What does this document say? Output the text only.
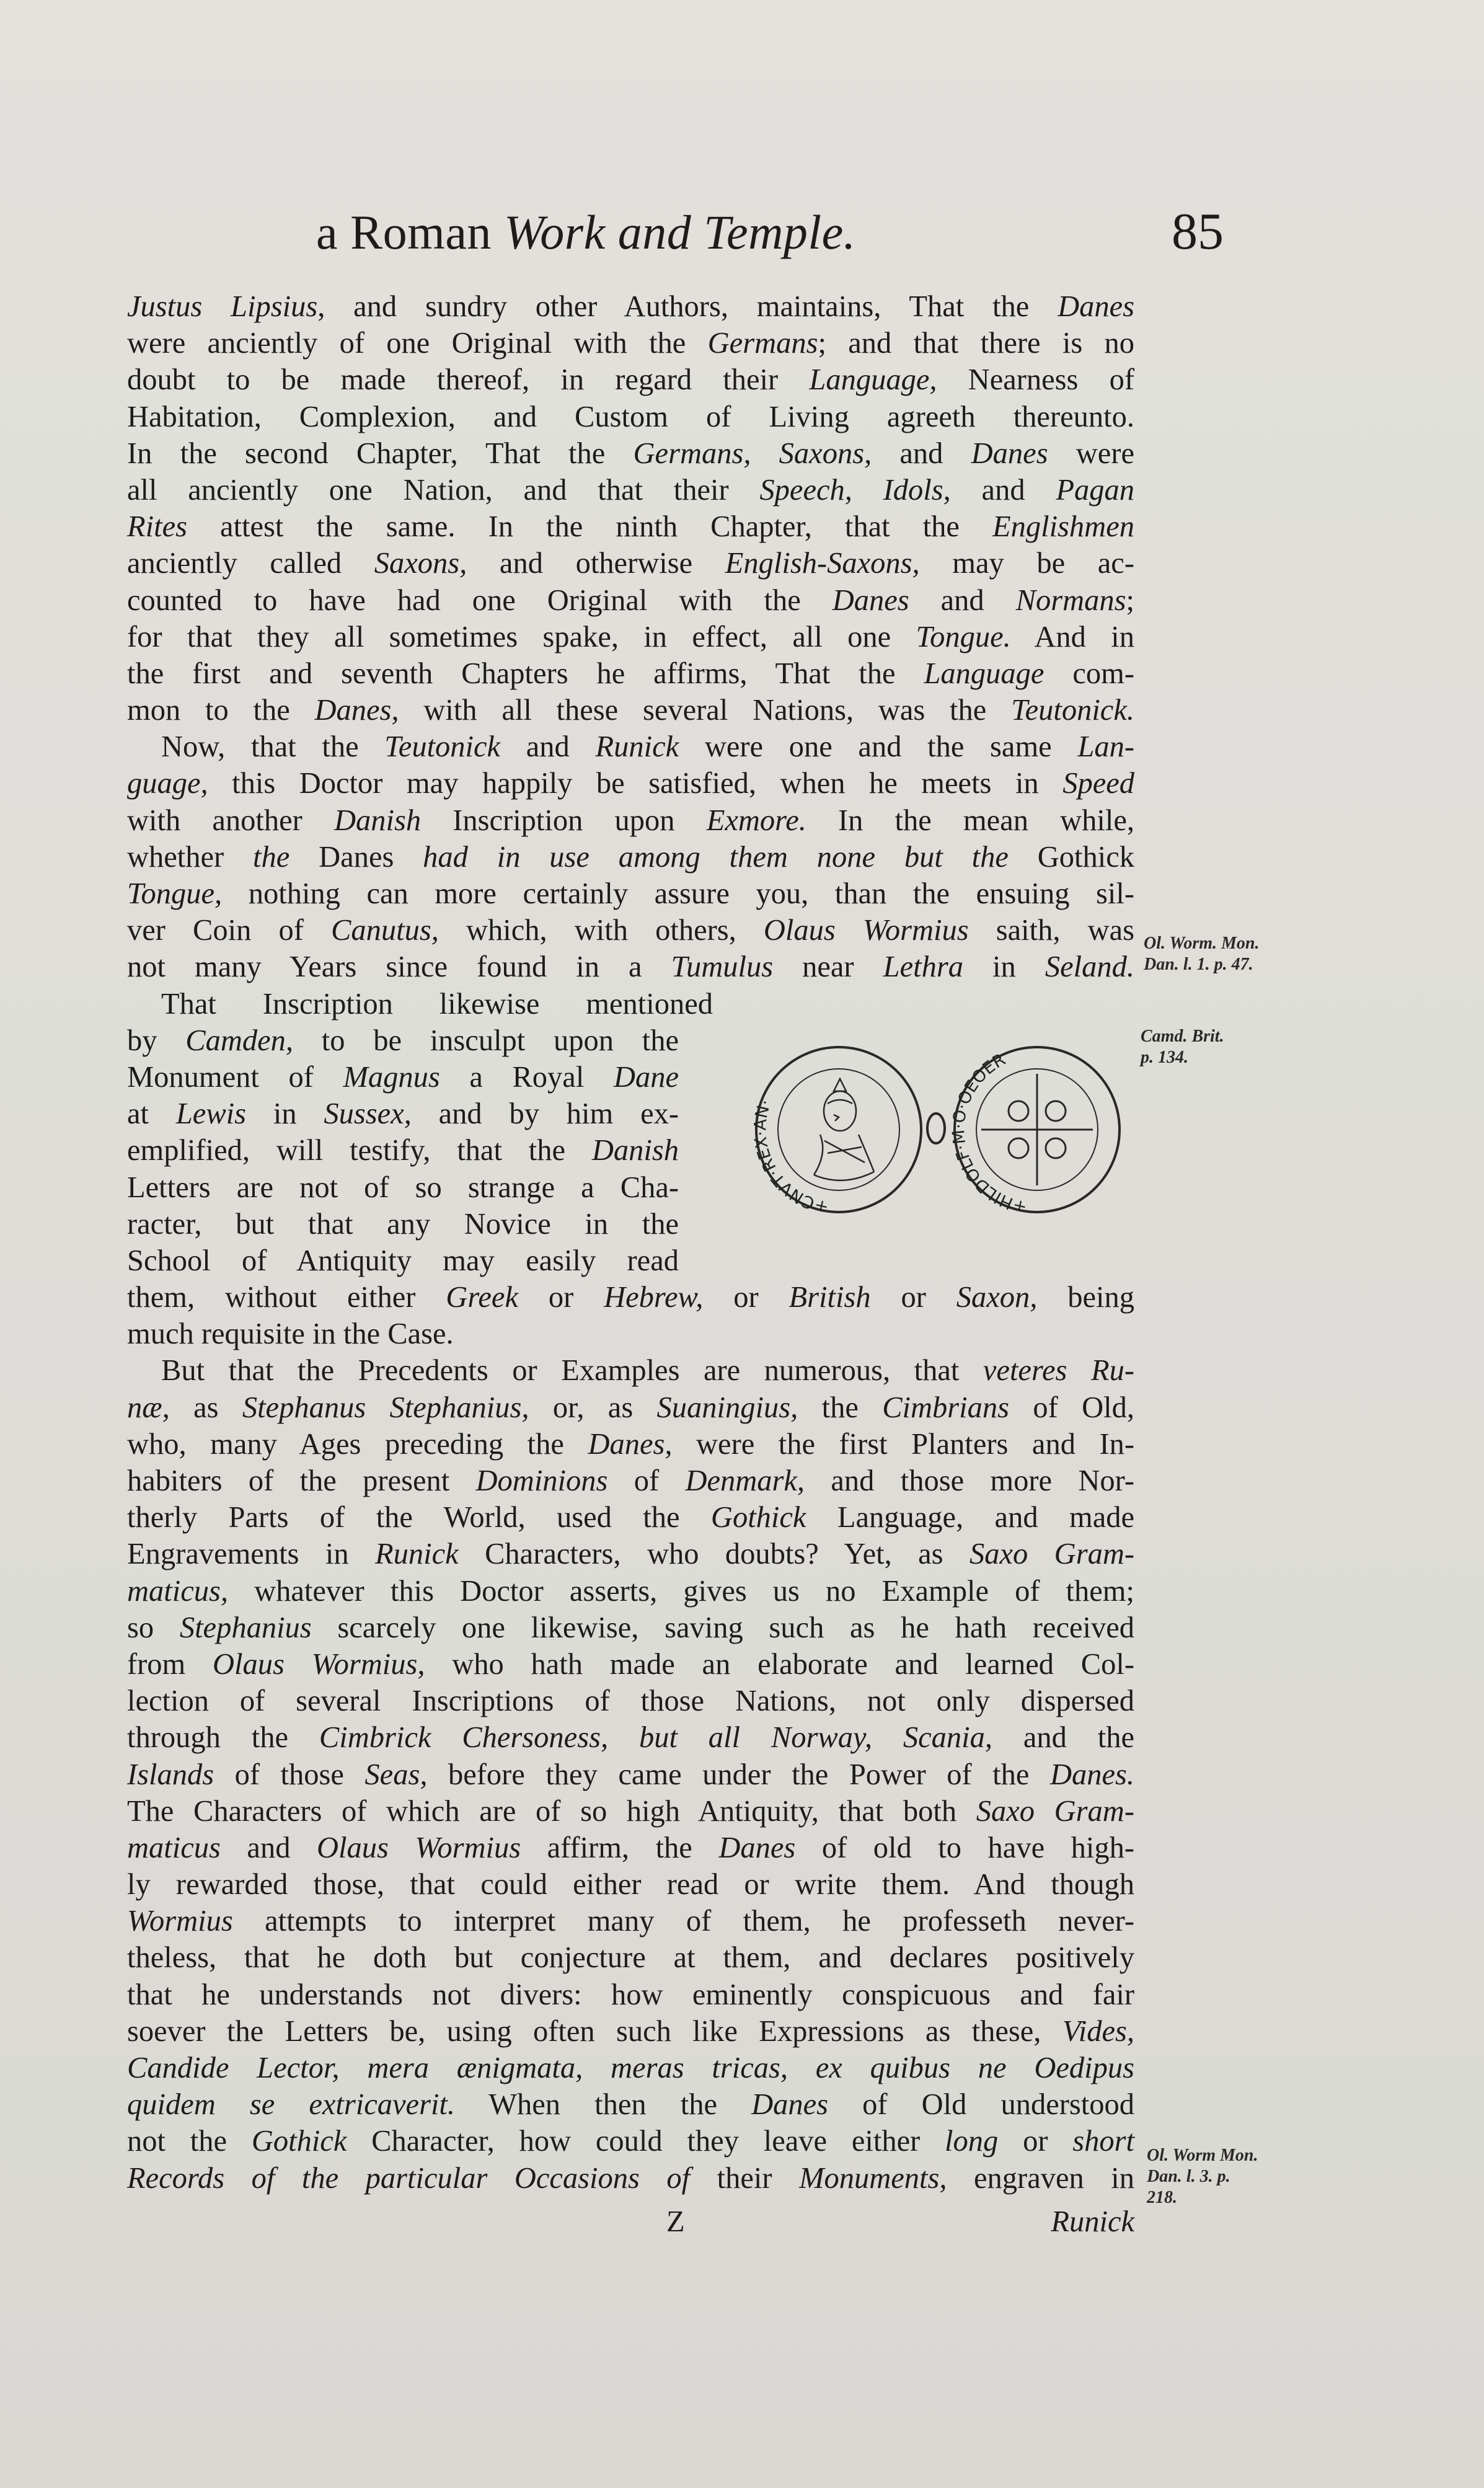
a Roman Work and Temple.	85
Justus Lipsius, and sundry other Authors, maintains, That the Danes
were anciently of one Original with the Germans; and that there is no
doubt to be made thereof, in regard their Language, Nearness of
Habitation, Complexion, and Custom of Living agreeth thereunto.
In the second Chapter, That the Germans, Saxons, and Danes were
all anciently one Nation, and that their Speech, Idols, and Pagan
Rites attest the same. In the ninth Chapter, that the Englishmen
anciently called Saxons, and otherwise English-Saxons, may be ac-
counted to have had one Original with the Danes and Normans;
for that they all sometimes spake, in effect, all one Tongue. And in
the first and seventh Chapters he affirms, That the Language com-
mon to the Danes, with all these several Nations, was the Teutonick.
Now, that the Teutonick and Runick were one and the same Lan-
guage, this Doctor may happily be satisfied, when he meets in Speed
with another Danish Inscription upon Exmore. In the mean while,
whether the Danes had in use among them none but the Gothick
Tongue, nothing can more certainly assure you, than the ensuing sil-
ver Coin of Canutus, which, with others, Olaus Wormius saith, was
not many Years since found in a Tumulus near Lethra in Seland.
That Inscription likewise mentioned
by Camden, to be insculpt upon the
Monument of Magnus a Royal Dane
at Lewis in Sussex, and by him ex-
emplified, will testify, that the Danish
Letters are not of so strange a Cha-
racter, but that any Novice in the
School of Antiquity may easily read
them, without either Greek or Hebrew, or British or Saxon, being
much requisite in the Case.
But that the Precedents or Examples are numerous, that veteres Ru-
næ, as Stephanus Stephanius, or, as Suaningius, the Cimbrians of Old,
who, many Ages preceding the Danes, were the first Planters and In-
habiters of the present Dominions of Denmark, and those more Nor-
therly Parts of the World, used the Gothick Language, and made
Engravements in Runick Characters, who doubts? Yet, as Saxo Gram-
maticus, whatever this Doctor asserts, gives us no Example of them;
so Stephanius scarcely one likewise, saving such as he hath received
from Olaus Wormius, who hath made an elaborate and learned Col-
lection of several Inscriptions of those Nations, not only dispersed
through the Cimbrick Chersoness, but all Norway, Scania, and the
Islands of those Seas, before they came under the Power of the Danes.
The Characters of which are of so high Antiquity, that both Saxo Gram-
maticus and Olaus Wormius affirm, the Danes of old to have high-
ly rewarded those, that could either read or write them. And though
Wormius attempts to interpret many of them, he professeth never-
theless, that he doth but conjecture at them, and declares positively
that he understands not divers: how eminently conspicuous and fair
soever the Letters be, using often such like Expressions as these, Vides,
Candide Lector, mera ænigmata, meras tricas, ex quibus ne Oedipus
quidem se extricaverit. When then the Danes of Old understood
not the Gothick Character, how could they leave either long or short
Records of the particular Occasions of their Monuments, engraven in
+CNVT·REX·AN·
+HILDOLF·M·O·OEOER
Ol. Worm. Mon.
Dan. l. 1. p. 47.
Camd. Brit.
p. 134.
Ol. Worm Mon.
Dan. l. 3. p.
218.
Z	Runick
